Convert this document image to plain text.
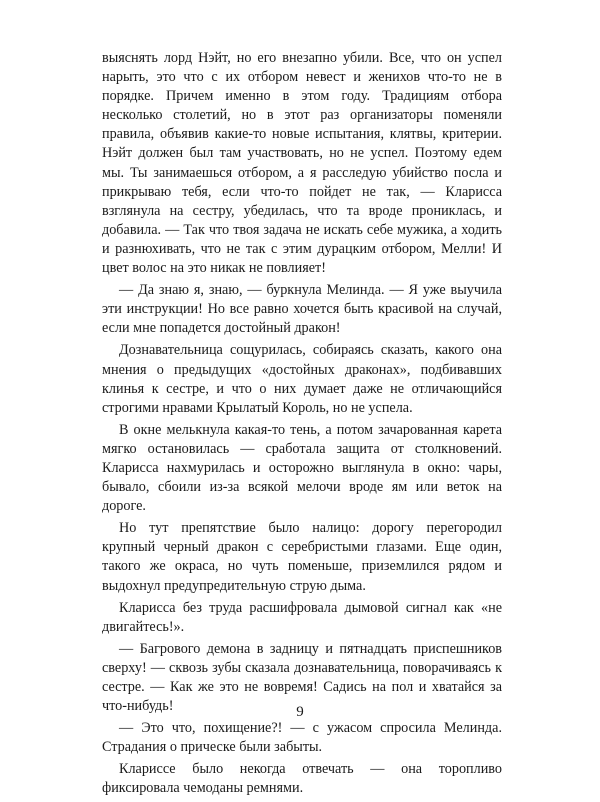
выяснять лорд Нэйт, но его внезапно убили. Все, что он успел нарыть, это что с их отбором невест и женихов что-то не в порядке. Причем именно в этом году. Традициям отбора несколько столетий, но в этот раз организаторы поменяли правила, объявив какие-то новые испытания, клятвы, критерии. Нэйт должен был там участвовать, но не успел. Поэтому едем мы. Ты занимаешься отбором, а я расследую убийство посла и прикрываю тебя, если что-то пойдет не так, — Кларисса взглянула на сестру, убедилась, что та вроде прониклась, и добавила. — Так что твоя задача не искать себе мужика, а ходить и разнюхивать, что не так с этим дурацким отбором, Мелли! И цвет волос на это никак не повлияет!

— Да знаю я, знаю, — буркнула Мелинда. — Я уже выучила эти инструкции! Но все равно хочется быть красивой на случай, если мне попадется достойный дракон!

Дознавательница сощурилась, собираясь сказать, какого она мнения о предыдущих «достойных драконах», подбивавших клинья к сестре, и что о них думает даже не отличающийся строгими нравами Крылатый Король, но не успела.

В окне мелькнула какая-то тень, а потом зачарованная карета мягко остановилась — сработала защита от столкновений. Кларисса нахмурилась и осторожно выглянула в окно: чары, бывало, сбоили из-за всякой мелочи вроде ям или веток на дороге.

Но тут препятствие было налицо: дорогу перегородил крупный черный дракон с серебристыми глазами. Еще один, такого же окраса, но чуть поменьше, приземлился рядом и выдохнул предупредительную струю дыма.

Кларисса без труда расшифровала дымовой сигнал как «не двигайтесь!».

— Багрового демона в задницу и пятнадцать приспешников сверху! — сквозь зубы сказала дознавательница, поворачиваясь к сестре. — Как же это не вовремя! Садись на пол и хватайся за что-нибудь!

— Это что, похищение?! — с ужасом спросила Мелинда. Страдания о прическе были забыты.

Клариссе было некогда отвечать — она торопливо фиксировала чемоданы ремнями.

9
